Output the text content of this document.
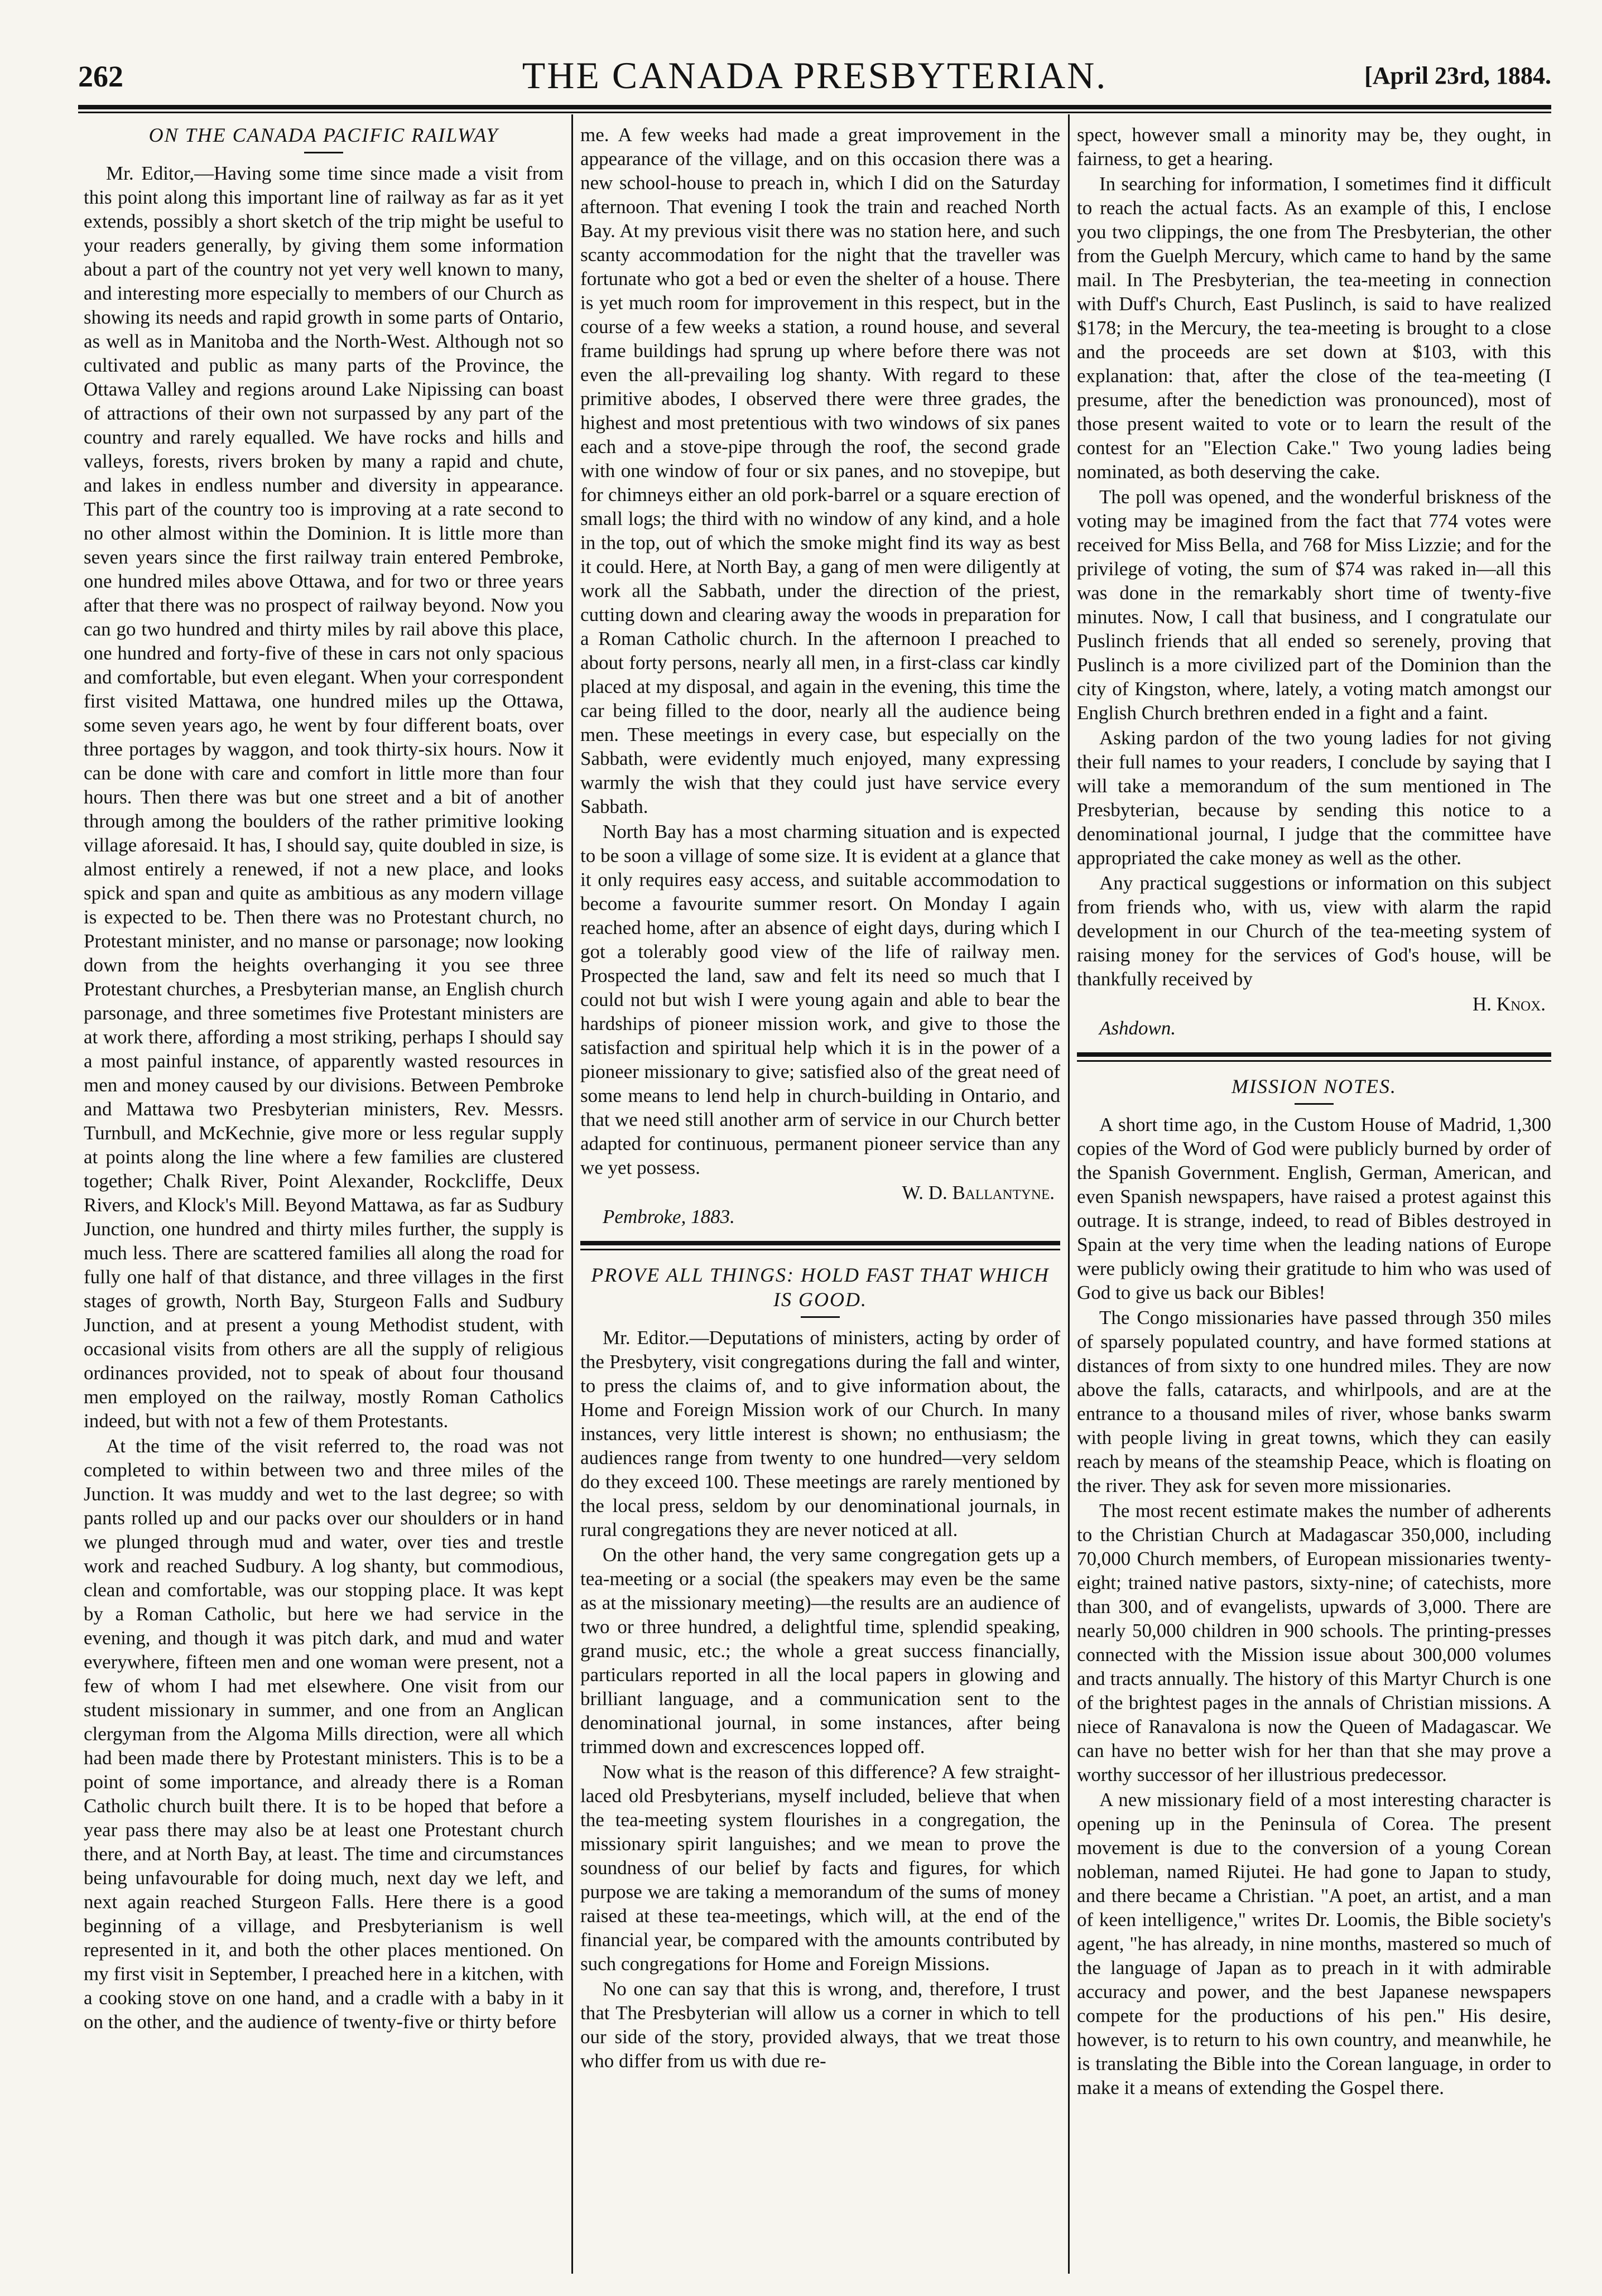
262	THE CANADA PRESBYTERIAN.	[April 23rd, 1884.
ON THE CANADA PACIFIC RAILWAY

Mr. Editor,—Having some time since made a visit from this point along this important line of railway as far as it yet extends, possibly a short sketch of the trip might be useful to your readers generally, by giving them some information about a part of the country not yet very well known to many, and interesting more especially to members of our Church as showing its needs and rapid growth in some parts of Ontario, as well as in Manitoba and the North-West. Although not so cultivated and public as many parts of the Province, the Ottawa Valley and regions around Lake Nipissing can boast of attractions of their own not surpassed by any part of the country and rarely equalled. We have rocks and hills and valleys, forests, rivers broken by many a rapid and chute, and lakes in endless number and diversity in appearance. This part of the country too is improving at a rate second to no other almost within the Dominion. It is little more than seven years since the first railway train entered Pembroke, one hundred miles above Ottawa, and for two or three years after that there was no prospect of railway beyond. Now you can go two hundred and thirty miles by rail above this place, one hundred and forty-five of these in cars not only spacious and comfortable, but even elegant. When your correspondent first visited Mattawa, one hundred miles up the Ottawa, some seven years ago, he went by four different boats, over three portages by waggon, and took thirty-six hours. Now it can be done with care and comfort in little more than four hours. Then there was but one street and a bit of another through among the boulders of the rather primitive looking village aforesaid. It has, I should say, quite doubled in size, is almost entirely a renewed, if not a new place, and looks spick and span and quite as ambitious as any modern village is expected to be. Then there was no Protestant church, no Protestant minister, and no manse or parsonage; now looking down from the heights overhanging it you see three Protestant churches, a Presbyterian manse, an English church parsonage, and three sometimes five Protestant ministers are at work there, affording a most striking, perhaps I should say a most painful instance, of apparently wasted resources in men and money caused by our divisions. Between Pembroke and Mattawa two Presbyterian ministers, Rev. Messrs. Turnbull, and McKechnie, give more or less regular supply at points along the line where a few families are clustered together; Chalk River, Point Alexander, Rockcliffe, Deux Rivers, and Klock's Mill. Beyond Mattawa, as far as Sudbury Junction, one hundred and thirty miles further, the supply is much less. There are scattered families all along the road for fully one half of that distance, and three villages in the first stages of growth, North Bay, Sturgeon Falls and Sudbury Junction, and at present a young Methodist student, with occasional visits from others are all the supply of religious ordinances provided, not to speak of about four thousand men employed on the railway, mostly Roman Catholics indeed, but with not a few of them Protestants.

At the time of the visit referred to, the road was not completed to within between two and three miles of the Junction. It was muddy and wet to the last degree; so with pants rolled up and our packs over our shoulders or in hand we plunged through mud and water, over ties and trestle work and reached Sudbury. A log shanty, but commodious, clean and comfortable, was our stopping place. It was kept by a Roman Catholic, but here we had service in the evening, and though it was pitch dark, and mud and water everywhere, fifteen men and one woman were present, not a few of whom I had met elsewhere. One visit from our student missionary in summer, and one from an Anglican clergyman from the Algoma Mills direction, were all which had been made there by Protestant ministers. This is to be a point of some importance, and already there is a Roman Catholic church built there. It is to be hoped that before a year pass there may also be at least one Protestant church there, and at North Bay, at least. The time and circumstances being unfavourable for doing much, next day we left, and next again reached Sturgeon Falls. Here there is a good beginning of a village, and Presbyterianism is well represented in it, and both the other places mentioned. On my first visit in September, I preached here in a kitchen, with a cooking stove on one hand, and a cradle with a baby in it on the other, and the audience of twenty-five or thirty before

me. A few weeks had made a great improvement in the appearance of the village, and on this occasion there was a new school-house to preach in, which I did on the Saturday afternoon. That evening I took the train and reached North Bay. At my previous visit there was no station here, and such scanty accommodation for the night that the traveller was fortunate who got a bed or even the shelter of a house. There is yet much room for improvement in this respect, but in the course of a few weeks a station, a round house, and several frame buildings had sprung up where before there was not even the all-prevailing log shanty. With regard to these primitive abodes, I observed there were three grades, the highest and most pretentious with two windows of six panes each and a stove-pipe through the roof, the second grade with one window of four or six panes, and no stovepipe, but for chimneys either an old pork-barrel or a square erection of small logs; the third with no window of any kind, and a hole in the top, out of which the smoke might find its way as best it could. Here, at North Bay, a gang of men were diligently at work all the Sabbath, under the direction of the priest, cutting down and clearing away the woods in preparation for a Roman Catholic church. In the afternoon I preached to about forty persons, nearly all men, in a first-class car kindly placed at my disposal, and again in the evening, this time the car being filled to the door, nearly all the audience being men. These meetings in every case, but especially on the Sabbath, were evidently much enjoyed, many expressing warmly the wish that they could just have service every Sabbath.

North Bay has a most charming situation and is expected to be soon a village of some size. It is evident at a glance that it only requires easy access, and suitable accommodation to become a favourite summer resort. On Monday I again reached home, after an absence of eight days, during which I got a tolerably good view of the life of railway men. Prospected the land, saw and felt its need so much that I could not but wish I were young again and able to bear the hardships of pioneer mission work, and give to those the satisfaction and spiritual help which it is in the power of a pioneer missionary to give; satisfied also of the great need of some means to lend help in church-building in Ontario, and that we need still another arm of service in our Church better adapted for continuous, permanent pioneer service than any we yet possess.

W. D. Ballantyne.
Pembroke, 1883.
PROVE ALL THINGS: HOLD FAST THAT WHICH IS GOOD.

Mr. Editor.—Deputations of ministers, acting by order of the Presbytery, visit congregations during the fall and winter, to press the claims of, and to give information about, the Home and Foreign Mission work of our Church. In many instances, very little interest is shown; no enthusiasm; the audiences range from twenty to one hundred—very seldom do they exceed 100. These meetings are rarely mentioned by the local press, seldom by our denominational journals, in rural congregations they are never noticed at all.

On the other hand, the very same congregation gets up a tea-meeting or a social (the speakers may even be the same as at the missionary meeting)—the results are an audience of two or three hundred, a delightful time, splendid speaking, grand music, etc.; the whole a great success financially, particulars reported in all the local papers in glowing and brilliant language, and a communication sent to the denominational journal, in some instances, after being trimmed down and excrescences lopped off.

Now what is the reason of this difference? A few straight-laced old Presbyterians, myself included, believe that when the tea-meeting system flourishes in a congregation, the missionary spirit languishes; and we mean to prove the soundness of our belief by facts and figures, for which purpose we are taking a memorandum of the sums of money raised at these tea-meetings, which will, at the end of the financial year, be compared with the amounts contributed by such congregations for Home and Foreign Missions.

No one can say that this is wrong, and, therefore, I trust that The Presbyterian will allow us a corner in which to tell our side of the story, provided always, that we treat those who differ from us with due re-

spect, however small a minority may be, they ought, in fairness, to get a hearing.

In searching for information, I sometimes find it difficult to reach the actual facts. As an example of this, I enclose you two clippings, the one from The Presbyterian, the other from the Guelph Mercury, which came to hand by the same mail. In The Presbyterian, the tea-meeting in connection with Duff's Church, East Puslinch, is said to have realized $178; in the Mercury, the tea-meeting is brought to a close and the proceeds are set down at $103, with this explanation: that, after the close of the tea-meeting (I presume, after the benediction was pronounced), most of those present waited to vote or to learn the result of the contest for an "Election Cake." Two young ladies being nominated, as both deserving the cake.

The poll was opened, and the wonderful briskness of the voting may be imagined from the fact that 774 votes were received for Miss Bella, and 768 for Miss Lizzie; and for the privilege of voting, the sum of $74 was raked in—all this was done in the remarkably short time of twenty-five minutes. Now, I call that business, and I congratulate our Puslinch friends that all ended so serenely, proving that Puslinch is a more civilized part of the Dominion than the city of Kingston, where, lately, a voting match amongst our English Church brethren ended in a fight and a faint.

Asking pardon of the two young ladies for not giving their full names to your readers, I conclude by saying that I will take a memorandum of the sum mentioned in The Presbyterian, because by sending this notice to a denominational journal, I judge that the committee have appropriated the cake money as well as the other.

Any practical suggestions or information on this subject from friends who, with us, view with alarm the rapid development in our Church of the tea-meeting system of raising money for the services of God's house, will be thankfully received by

H. Knox.
Ashdown.
MISSION NOTES.

A short time ago, in the Custom House of Madrid, 1,300 copies of the Word of God were publicly burned by order of the Spanish Government. English, German, American, and even Spanish newspapers, have raised a protest against this outrage. It is strange, indeed, to read of Bibles destroyed in Spain at the very time when the leading nations of Europe were publicly owing their gratitude to him who was used of God to give us back our Bibles!

The Congo missionaries have passed through 350 miles of sparsely populated country, and have formed stations at distances of from sixty to one hundred miles. They are now above the falls, cataracts, and whirlpools, and are at the entrance to a thousand miles of river, whose banks swarm with people living in great towns, which they can easily reach by means of the steamship Peace, which is floating on the river. They ask for seven more missionaries.

The most recent estimate makes the number of adherents to the Christian Church at Madagascar 350,000, including 70,000 Church members, of European missionaries twenty-eight; trained native pastors, sixty-nine; of catechists, more than 300, and of evangelists, upwards of 3,000. There are nearly 50,000 children in 900 schools. The printing-presses connected with the Mission issue about 300,000 volumes and tracts annually. The history of this Martyr Church is one of the brightest pages in the annals of Christian missions. A niece of Ranavalona is now the Queen of Madagascar. We can have no better wish for her than that she may prove a worthy successor of her illustrious predecessor.

A new missionary field of a most interesting character is opening up in the Peninsula of Corea. The present movement is due to the conversion of a young Corean nobleman, named Rijutei. He had gone to Japan to study, and there became a Christian. "A poet, an artist, and a man of keen intelligence," writes Dr. Loomis, the Bible society's agent, "he has already, in nine months, mastered so much of the language of Japan as to preach in it with admirable accuracy and power, and the best Japanese newspapers compete for the productions of his pen." His desire, however, is to return to his own country, and meanwhile, he is translating the Bible into the Corean language, in order to make it a means of extending the Gospel there.
